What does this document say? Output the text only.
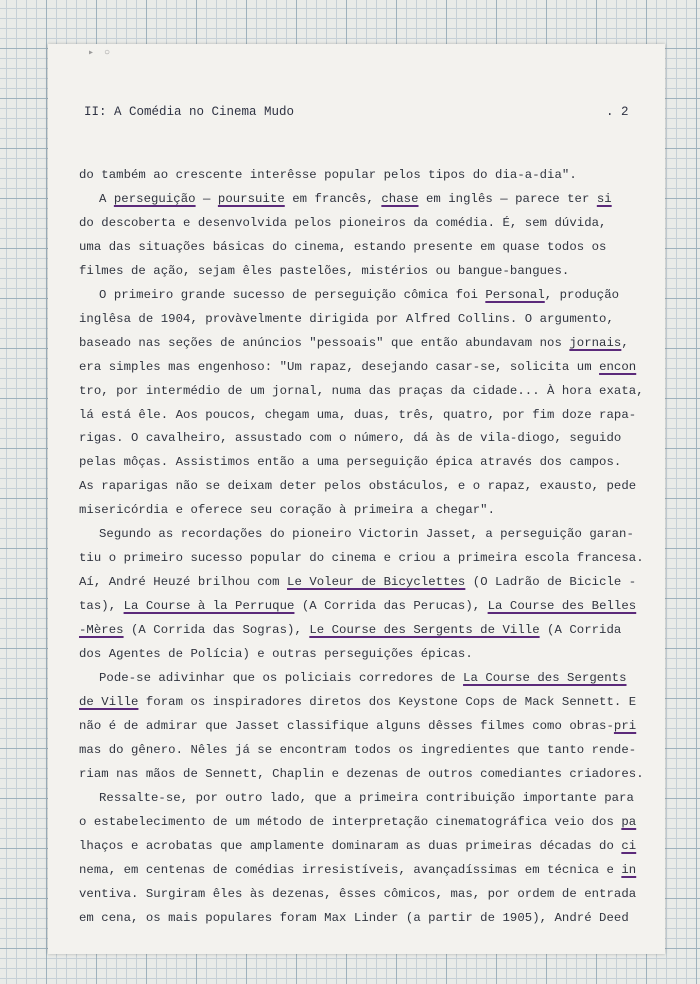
▸ ○
II: A Comédia no Cinema Mudo	. 2
do também ao crescente interêsse popular pelos tipos do dia-a-dia".
A perseguição — poursuite em francês, chase em inglês — parece ter si
do descoberta e desenvolvida pelos pioneiros da comédia. É, sem dúvida,
uma das situações básicas do cinema, estando presente em quase todos os
filmes de ação, sejam êles pastelões, mistérios ou bangue-bangues.
O primeiro grande sucesso de perseguição cômica foi Personal, produção
inglêsa de 1904, provàvelmente dirigida por Alfred Collins. O argumento,
baseado nas seções de anúncios "pessoais" que então abundavam nos jornais,
era simples mas engenhoso: "Um rapaz, desejando casar-se, solicita um encon
tro, por intermédio de um jornal, numa das praças da cidade... À hora exata,
lá está êle. Aos poucos, chegam uma, duas, três, quatro, por fim doze rapa-
rigas. O cavalheiro, assustado com o número, dá às de vila-diogo, seguido
pelas môças. Assistimos então a uma perseguição épica através dos campos.
As raparigas não se deixam deter pelos obstáculos, e o rapaz, exausto, pede
misericórdia e oferece seu coração à primeira a chegar".
Segundo as recordações do pioneiro Victorin Jasset, a perseguição garan-
tiu o primeiro sucesso popular do cinema e criou a primeira escola francesa.
Aí, André Heuzé brilhou com Le Voleur de Bicyclettes (O Ladrão de Bicicle -
tas), La Course à la Perruque (A Corrida das Perucas), La Course des Belles
-Mères (A Corrida das Sogras), Le Course des Sergents de Ville (A Corrida
dos Agentes de Polícia) e outras perseguições épicas.
Pode-se adivinhar que os policiais corredores de La Course des Sergents
de Ville foram os inspiradores diretos dos Keystone Cops de Mack Sennett. E
não é de admirar que Jasset classifique alguns dêsses filmes como obras-pri
mas do gênero. Nêles já se encontram todos os ingredientes que tanto rende-
riam nas mãos de Sennett, Chaplin e dezenas de outros comediantes criadores.
Ressalte-se, por outro lado, que a primeira contribuição importante para
o estabelecimento de um método de interpretação cinematográfica veio dos pa
lhaços e acrobatas que amplamente dominaram as duas primeiras décadas do ci
nema, em centenas de comédias irresistíveis, avançadíssimas em técnica e in
ventiva. Surgiram êles às dezenas, êsses cômicos, mas, por ordem de entrada
em cena, os mais populares foram Max Linder (a partir de 1905), André Deed
